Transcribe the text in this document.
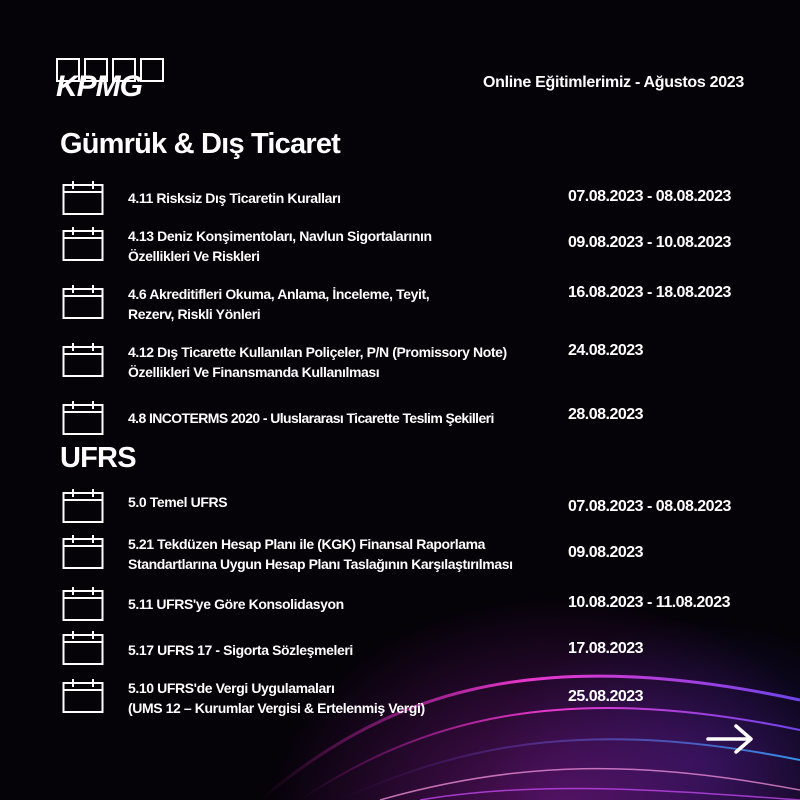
KPMG	Online Eğitimlerimiz - Ağustos 2023
Gümrük & Dış Ticaret
4.11 Risksiz Dış Ticaretin Kuralları	07.08.2023 - 08.08.2023
4.13 Deniz Konşimentoları, Navlun Sigortalarının
Özellikleri Ve Riskleri
09.08.2023 - 10.08.2023
4.6 Akreditifleri Okuma, Anlama, İnceleme, Teyit,
Rezerv, Riskli Yönleri
16.08.2023 - 18.08.2023
4.12 Dış Ticarette Kullanılan Poliçeler, P/N (Promissory Note)
Özellikleri Ve Finansmanda Kullanılması
24.08.2023
4.8 INCOTERMS 2020 - Uluslararası Ticarette Teslim Şekilleri	28.08.2023
UFRS
5.0 Temel UFRS	07.08.2023 - 08.08.2023
5.21 Tekdüzen Hesap Planı ile (KGK) Finansal Raporlama
Standartlarına Uygun Hesap Planı Taslağının Karşılaştırılması
09.08.2023
5.11 UFRS'ye Göre Konsolidasyon	10.08.2023 - 11.08.2023
5.17 UFRS 17 - Sigorta Sözleşmeleri	17.08.2023
5.10 UFRS'de Vergi Uygulamaları
(UMS 12 – Kurumlar Vergisi & Ertelenmiş Vergi)
25.08.2023
